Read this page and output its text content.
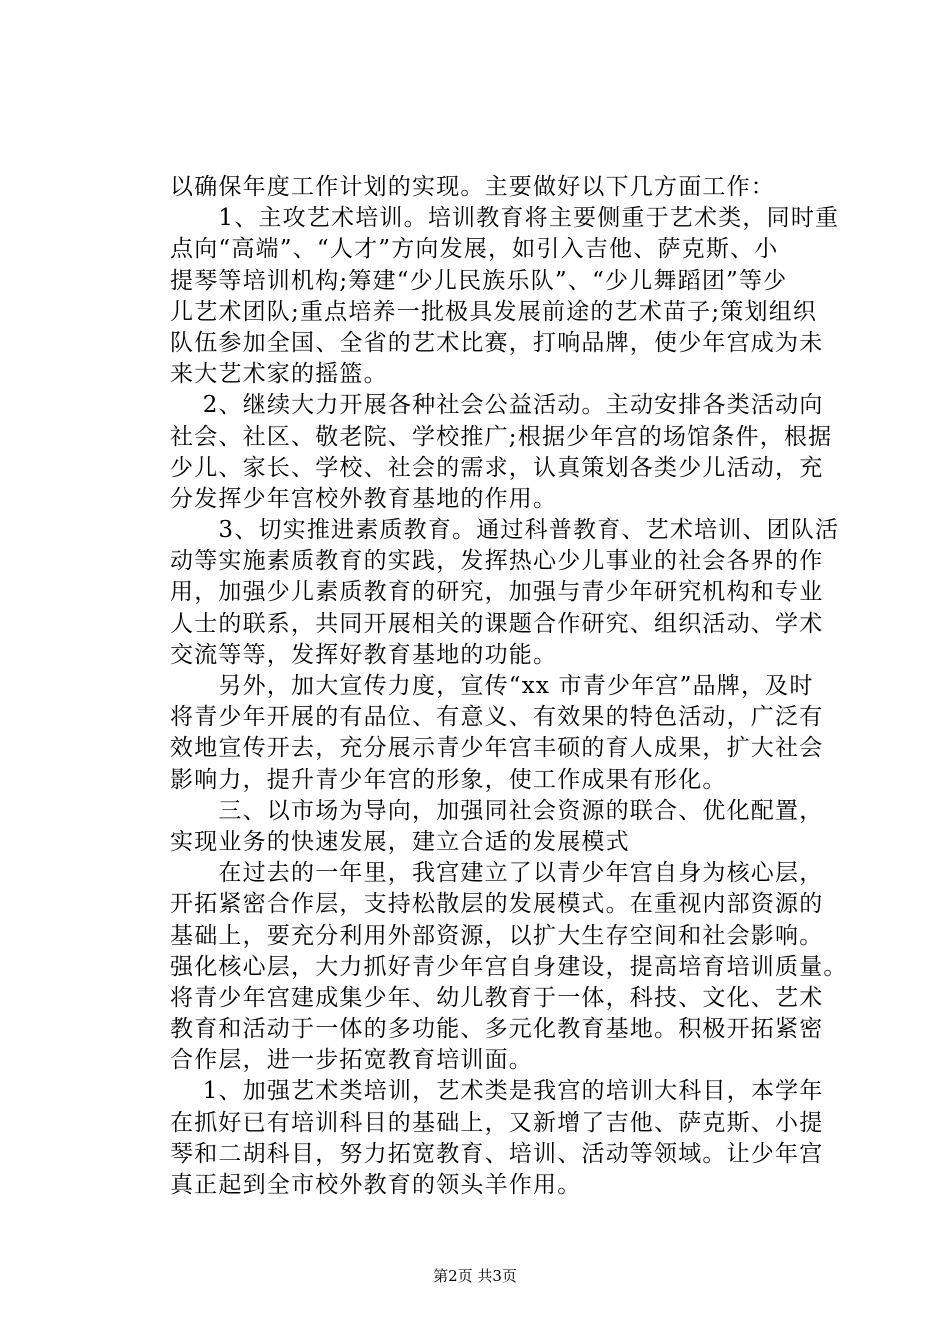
以确保年度工作计划的实现。主要做好以下几方面工作：

　　1、主攻艺术培训。培训教育将主要侧重于艺术类，同时重

点向“高端”、“人才”方向发展，如引入吉他、萨克斯、小

提琴等培训机构;筹建“少儿民族乐队”、“少儿舞蹈团”等少

儿艺术团队;重点培养一批极具发展前途的艺术苗子;策划组织

队伍参加全国、全省的艺术比赛，打响品牌，使少年宫成为未

来大艺术家的摇篮。

　 2、继续大力开展各种社会公益活动。主动安排各类活动向

社会、社区、敬老院、学校推广;根据少年宫的场馆条件，根据

少儿、家长、学校、社会的需求，认真策划各类少儿活动，充

分发挥少年宫校外教育基地的作用。

　　3、切实推进素质教育。通过科普教育、艺术培训、团队活

动等实施素质教育的实践，发挥热心少儿事业的社会各界的作

用，加强少儿素质教育的研究，加强与青少年研究机构和专业

人士的联系，共同开展相关的课题合作研究、组织活动、学术

交流等等，发挥好教育基地的功能。

　　另外，加大宣传力度，宣传“xx 市青少年宫”品牌，及时

将青少年开展的有品位、有意义、有效果的特色活动，广泛有

效地宣传开去，充分展示青少年宫丰硕的育人成果，扩大社会

影响力，提升青少年宫的形象，使工作成果有形化。

　　三、以市场为导向，加强同社会资源的联合、优化配置，

实现业务的快速发展，建立合适的发展模式

　　在过去的一年里，我宫建立了以青少年宫自身为核心层，

开拓紧密合作层，支持松散层的发展模式。在重视内部资源的

基础上，要充分利用外部资源，以扩大生存空间和社会影响。

强化核心层，大力抓好青少年宫自身建设，提高培育培训质量。

将青少年宫建成集少年、幼儿教育于一体，科技、文化、艺术

教育和活动于一体的多功能、多元化教育基地。积极开拓紧密

合作层，进一步拓宽教育培训面。

　 1、加强艺术类培训，艺术类是我宫的培训大科目，本学年

在抓好已有培训科目的基础上，又新增了吉他、萨克斯、小提

琴和二胡科目，努力拓宽教育、培训、活动等领域。让少年宫

真正起到全市校外教育的领头羊作用。

第2页 共3页
